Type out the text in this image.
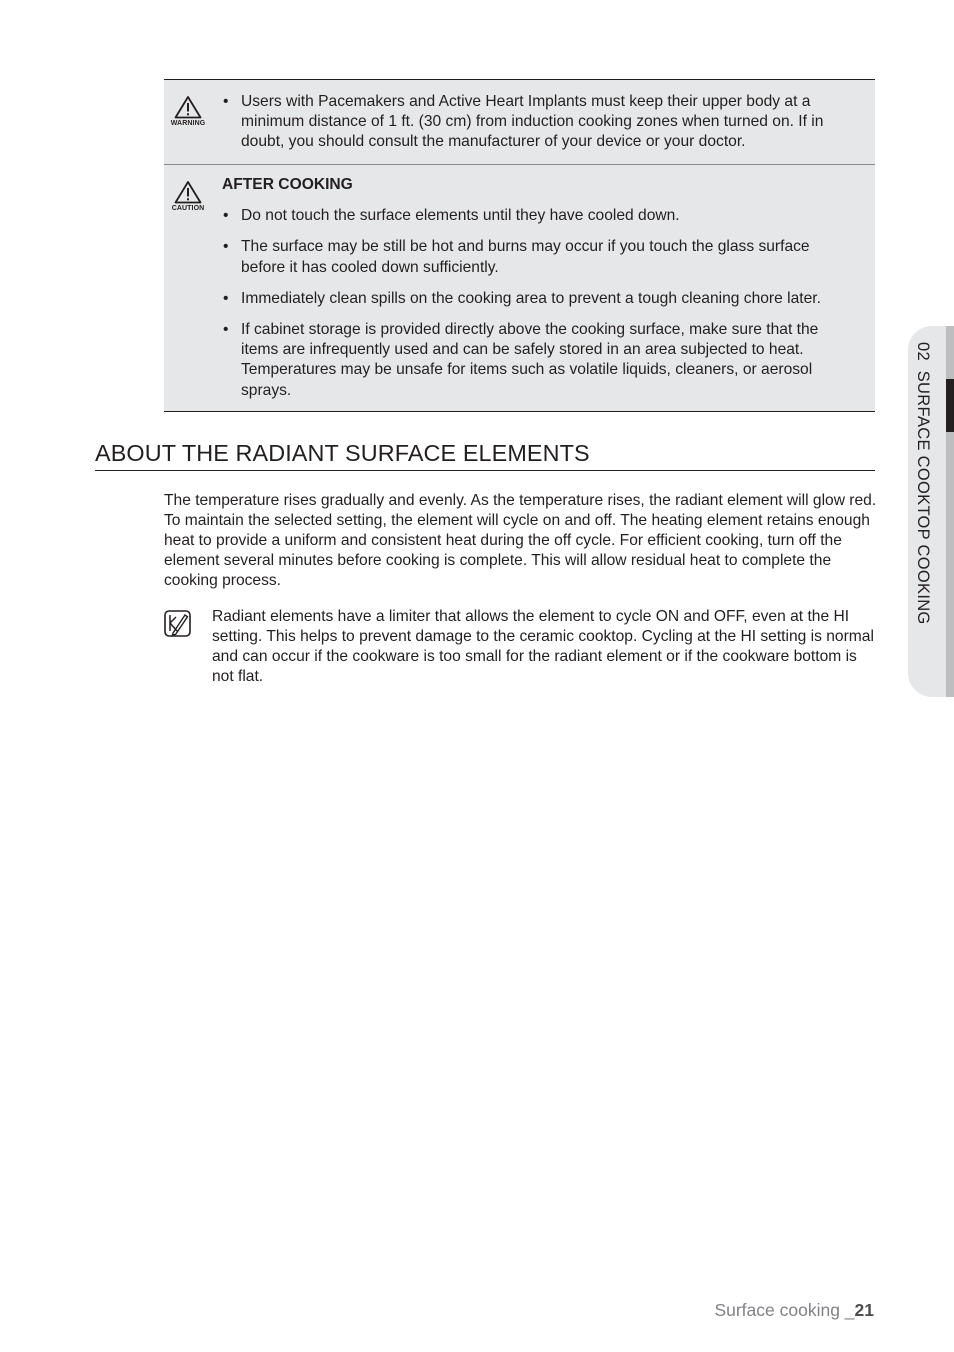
WARNING

• Users with Pacemakers and Active Heart Implants must keep their upper body at a minimum distance of 1 ft. (30 cm) from induction cooking zones when turned on. If in doubt, you should consult the manufacturer of your device or your doctor.

CAUTION

AFTER COOKING

• Do not touch the surface elements until they have cooled down.

• The surface may be still be hot and burns may occur if you touch the glass surface before it has cooled down sufficiently.

• Immediately clean spills on the cooking area to prevent a tough cleaning chore later.

• If cabinet storage is provided directly above the cooking surface, make sure that the items are infrequently used and can be safely stored in an area subjected to heat. Temperatures may be unsafe for items such as volatile liquids, cleaners, or aerosol sprays.

ABOUT THE RADIANT SURFACE ELEMENTS

The temperature rises gradually and evenly. As the temperature rises, the radiant element will glow red. To maintain the selected setting, the element will cycle on and off. The heating element retains enough heat to provide a uniform and consistent heat during the off cycle. For efficient cooking, turn off the element several minutes before cooking is complete. This will allow residual heat to complete the cooking process.

Radiant elements have a limiter that allows the element to cycle ON and OFF, even at the HI setting. This helps to prevent damage to the ceramic cooktop. Cycling at the HI setting is normal and can occur if the cookware is too small for the radiant element or if the cookware bottom is not flat.

02  SURFACE COOKTOP COOKING
Surface cooking _21
